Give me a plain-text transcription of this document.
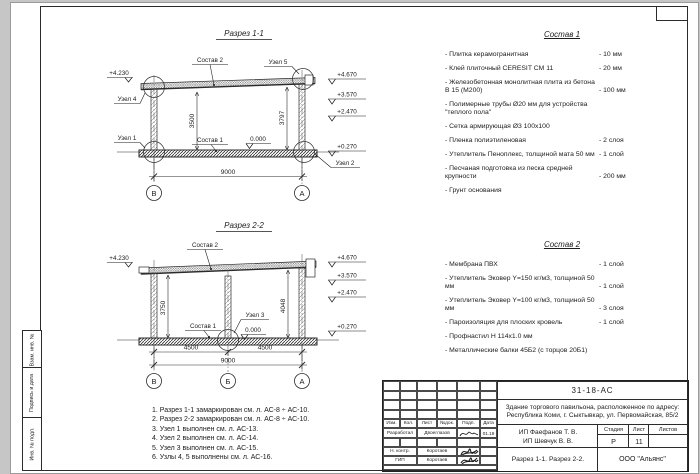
Разрез 1-1
9000
3500	3797
Состав 2	Узел 5
+4.230
Узел 4
Узел 1	Состав 1	0.000
Узел 2
+4.670
+3.570
+2.470
+0.270
В	А
Разрез 2-2
4500	4500
9000
3750	4048
Состав 2
+4.230
Узел 3
Состав 1
0.000
+4.670
+3.570
+2.470
+0.270
В	Б	А
1. Разрез 1-1 замаркирован см. л. АС-8 ÷ АС-10.
2. Разрез 2-2 замаркирован см. л. АС-8 ÷ АС-10.
3. Узел 1 выполнен см. л. АС-13.
4. Узел 2 выполнен см. л. АС-14.
5. Узел 3 выполнен см. л. АС-15.
6. Узлы 4, 5 выполнены см. л. АС-16.
Состав 1
- Плитка керамогранитная	- 10 мм
- Клей плиточный CERESIT CM 11	- 20 мм
- Железобетонная монолитная плита из бетона В 15 (М200)	- 100 мм
- Полимерные трубы Ø20 мм для устройства "теплого пола"
- Сетка армирующая Ø3 100х100
- Пленка полиэтиленовая	- 2 слоя
- Утеплитель Пеноплекс, толщиной мата 50 мм - 1 слой
- Песчаная подготовка из песка средней крупности	- 200 мм
- Грунт основания
Состав 2
- Мембрана ПВХ	- 1 слой
- Утеплитель Эковер Y=150 кг/м3, толщиной 50 мм	- 1 слой
- Утеплитель Эковер Y=100 кг/м3, толщиной 50 мм	- 3 слоя
- Пароизоляция для плоских кровель	- 1 слой
- Профнастил Н 114х1.0 мм
- Металлические балки 45Б2 (с торцов 20Б1)
Изм.	Кол.	Лист	№док.	Подп.	Дата
Разработал	Двоеглазов	01.19
Н. контр.	Коротаев
ГИП	Коротаев
31-18-АС
Здание торгового павильона, расположенное по адресу:
Республика Коми, г. Сыктывкар, ул. Первомайская, 85/2
ИП Фаефанов Т. В.
ИП Шевчук В. В.
Разрез 1-1. Разрез 2-2.
Стадия	Лист	Листов
Р	11
ООО "Альянс"
Взам. инв. №
Подпись и дата
Инв. № подл.
